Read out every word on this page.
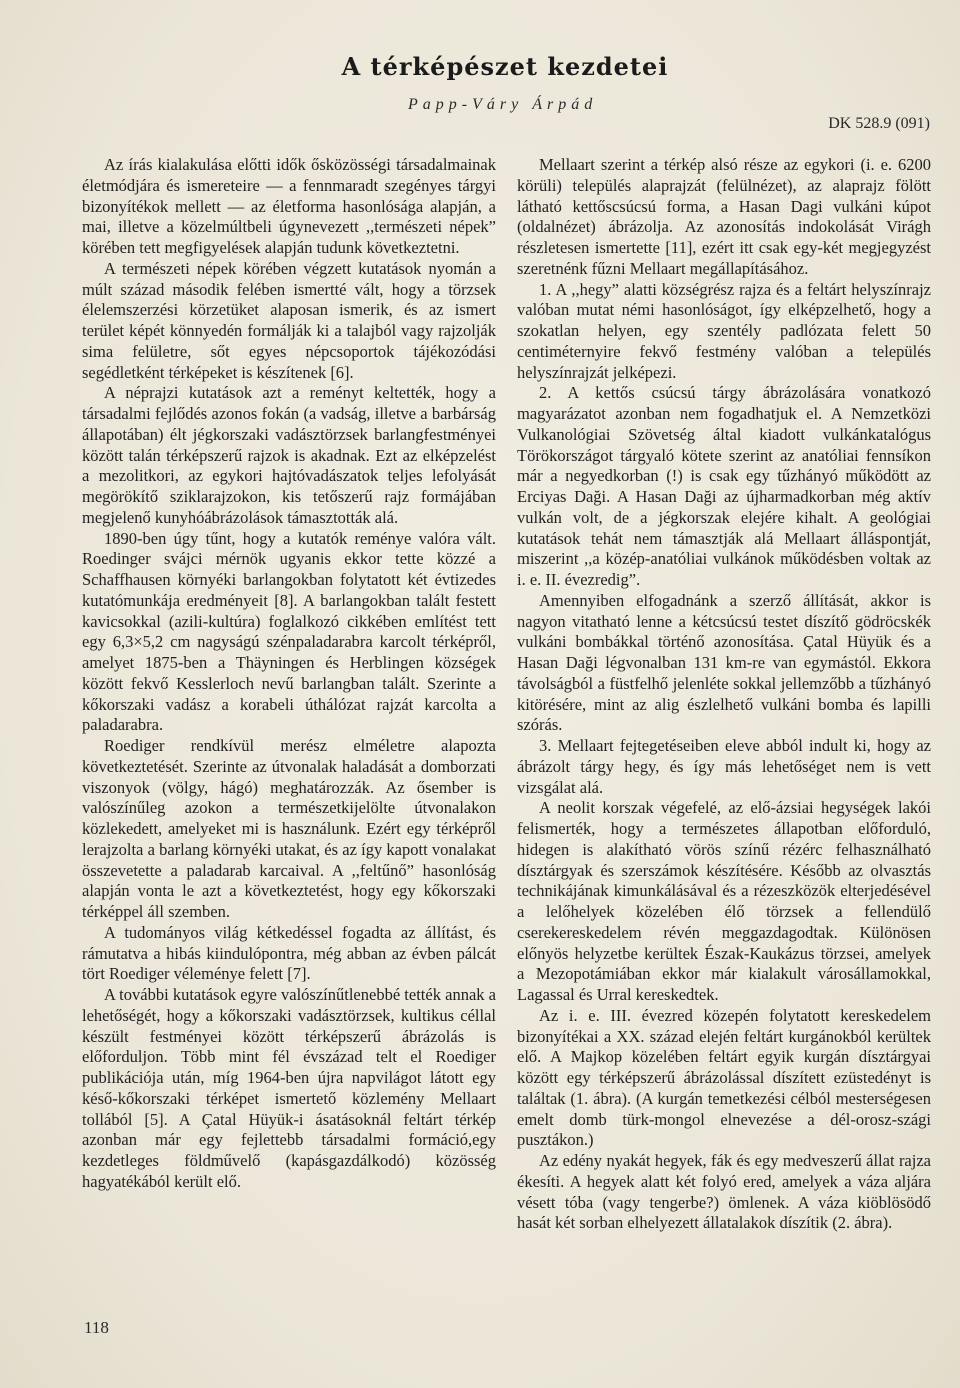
A térképészet kezdetei
Papp-Váry Árpád
DK 528.9 (091)

Az írás kialakulása előtti idők ősközösségi társadalmainak életmódjára és ismereteire — a fennmaradt szegényes tárgyi bizonyítékok mellett — az életforma hasonlósága alapján, a mai, illetve a közelmúltbeli úgynevezett ,,természeti népek” körében tett megfigyelések alapján tudunk következtetni.

A természeti népek körében végzett kutatások nyomán a múlt század második felében ismertté vált, hogy a törzsek élelemszerzési körzetüket alaposan ismerik, és az ismert terület képét könnyedén formálják ki a talajból vagy rajzolják sima felületre, sőt egyes népcsoportok tájékozódási segédletként térképeket is készítenek [6].

A néprajzi kutatások azt a reményt keltették, hogy a társadalmi fejlődés azonos fokán (a vadság, illetve a barbárság állapotában) élt jégkorszaki vadásztörzsek barlangfestményei között talán térképszerű rajzok is akadnak. Ezt az elképzelést a mezolitkori, az egykori hajtóvadászatok teljes lefolyását megörökítő sziklarajzokon, kis tetőszerű rajz formájában megjelenő kunyhóábrázolások támasztották alá.

1890-ben úgy tűnt, hogy a kutatók reménye valóra vált. Roedinger svájci mérnök ugyanis ekkor tette közzé a Schaffhausen környéki barlangokban folytatott két évtizedes kutatómunkája eredményeit [8]. A barlangokban talált festett kavicsokkal (azili-kultúra) foglalkozó cikkében említést tett egy 6,3×5,2 cm nagyságú szénpaladarabra karcolt térképről, amelyet 1875-ben a Thäyningen és Herblingen községek között fekvő Kesslerloch nevű barlangban talált. Szerinte a kőkorszaki vadász a korabeli úthálózat rajzát karcolta a paladarabra.

Roediger rendkívül merész elméletre alapozta következtetését. Szerinte az útvonalak haladását a domborzati viszonyok (völgy, hágó) meghatározzák. Az ősember is valószínűleg azokon a természetkijelölte útvonalakon közlekedett, amelyeket mi is használunk. Ezért egy térképről lerajzolta a barlang környéki utakat, és az így kapott vonalakat összevetette a paladarab karcaival. A ,,feltűnő” hasonlóság alapján vonta le azt a következtetést, hogy egy kőkorszaki térképpel áll szemben.

A tudományos világ kétkedéssel fogadta az állítást, és rámutatva a hibás kiindulópontra, még abban az évben pálcát tört Roediger véleménye felett [7].

A további kutatások egyre valószínűtlenebbé tették annak a lehetőségét, hogy a kőkorszaki vadásztörzsek, kultikus céllal készült festményei között térképszerű ábrázolás is előforduljon. Több mint fél évszázad telt el Roediger publikációja után, míg 1964-ben újra napvilágot látott egy késő-kőkorszaki térképet ismertető közlemény Mellaart tollából [5]. A Çatal Hüyük-i ásatásoknál feltárt térkép azonban már egy fejlettebb társadalmi formáció,egy kezdetleges földművelő (kapásgazdálkodó) közösség hagyatékából került elő.

Mellaart szerint a térkép alsó része az egykori (i. e. 6200 körüli) település alaprajzát (felülnézet), az alaprajz fölött látható kettőscsúcsú forma, a Hasan Dagi vulkáni kúpot (oldalnézet) ábrázolja. Az azonosítás indokolását Virágh részletesen ismertette [11], ezért itt csak egy-két megjegyzést szeretnénk fűzni Mellaart megállapításához.

1. A ,,hegy” alatti községrész rajza és a feltárt helyszínrajz valóban mutat némi hasonlóságot, így elképzelhető, hogy a szokatlan helyen, egy szentély padlózata felett 50 centiméternyire fekvő festmény valóban a település helyszínrajzát jelképezi.

2. A kettős csúcsú tárgy ábrázolására vonatkozó magyarázatot azonban nem fogadhatjuk el. A Nemzetközi Vulkanológiai Szövetség által kiadott vulkánkatalógus Törökországot tárgyaló kötete szerint az anatóliai fennsíkon már a negyedkorban (!) is csak egy tűzhányó működött az Erciyas Daği. A Hasan Daği az újharmadkorban még aktív vulkán volt, de a jégkorszak elejére kihalt. A geológiai kutatások tehát nem támasztják alá Mellaart álláspontját, miszerint ,,a közép-anatóliai vulkánok működésben voltak az i. e. II. évezredig”.

Amennyiben elfogadnánk a szerző állítását, akkor is nagyon vitatható lenne a kétcsúcsú testet díszítő gödröcskék vulkáni bombákkal történő azonosítása. Çatal Hüyük és a Hasan Daği légvonalban 131 km-re van egymástól. Ekkora távolságból a füstfelhő jelenléte sokkal jellemzőbb a tűzhányó kitörésére, mint az alig észlelhető vulkáni bomba és lapilli szórás.

3. Mellaart fejtegetéseiben eleve abból indult ki, hogy az ábrázolt tárgy hegy, és így más lehetőséget nem is vett vizsgálat alá.

A neolit korszak végefelé, az elő-ázsiai hegységek lakói felismerték, hogy a természetes állapotban előforduló, hidegen is alakítható vörös színű rézérc felhasználható dísztárgyak és szerszámok készítésére. Később az olvasztás technikájának kimunkálásával és a rézeszközök elterjedésével a lelőhelyek közelében élő törzsek a fellendülő cserekereskedelem révén meggazdagodtak. Különösen előnyös helyzetbe kerültek Észak-Kaukázus törzsei, amelyek a Mezopotámiában ekkor már kialakult városállamokkal, Lagassal és Urral kereskedtek.

Az i. e. III. évezred közepén folytatott kereskedelem bizonyítékai a XX. század elején feltárt kurgánokból kerültek elő. A Majkop közelében feltárt egyik kurgán dísztárgyai között egy térképszerű ábrázolással díszített ezüstedényt is találtak (1. ábra). (A kurgán temetkezési célból mesterségesen emelt domb türk-mongol elnevezése a dél-orosz-szági pusztákon.)

Az edény nyakát hegyek, fák és egy medveszerű állat rajza ékesíti. A hegyek alatt két folyó ered, amelyek a váza aljára vésett tóba (vagy tengerbe?) ömlenek. A váza kiöblösödő hasát két sorban elhelyezett állatalakok díszítik (2. ábra).

118
